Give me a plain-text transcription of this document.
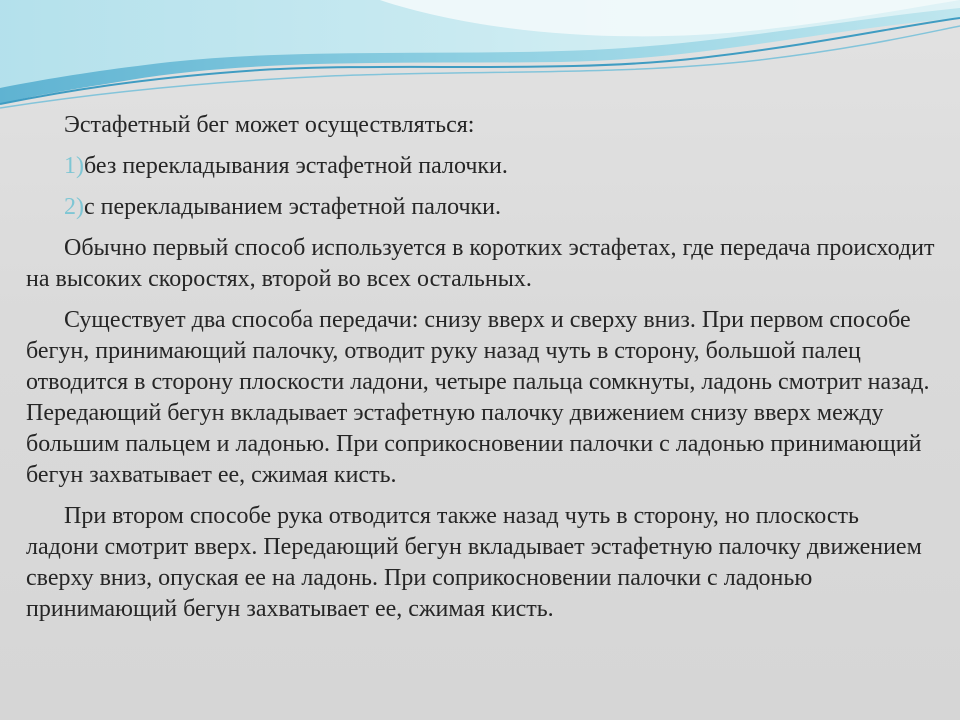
Эстафетный бег может осуществляться:

1)без перекладывания эстафетной палочки.

2)с перекладыванием эстафетной палочки.

Обычно первый способ используется в коротких эстафетах, где передача происходит на высоких скоростях, второй во всех остальных.

Существует два способа передачи: снизу вверх и сверху вниз. При первом способе бегун, принимающий палочку, отводит руку назад чуть в сторону, большой палец отводится в сторону плоскости ладони, четыре пальца сомкнуты, ладонь смотрит назад. Передающий бегун вкладывает эстафетную палочку движением снизу вверх между большим пальцем и ладонью. При соприкосновении палочки с ладонью принимающий бегун захватывает ее, сжимая кисть.

При втором способе рука отводится также назад чуть в сторону, но плоскость ладони смотрит вверх. Передающий бегун вкладывает эстафетную палочку движением сверху вниз, опуская ее на ладонь. При соприкосновении палочки с ладонью принимающий бегун захватывает ее, сжимая кисть.
